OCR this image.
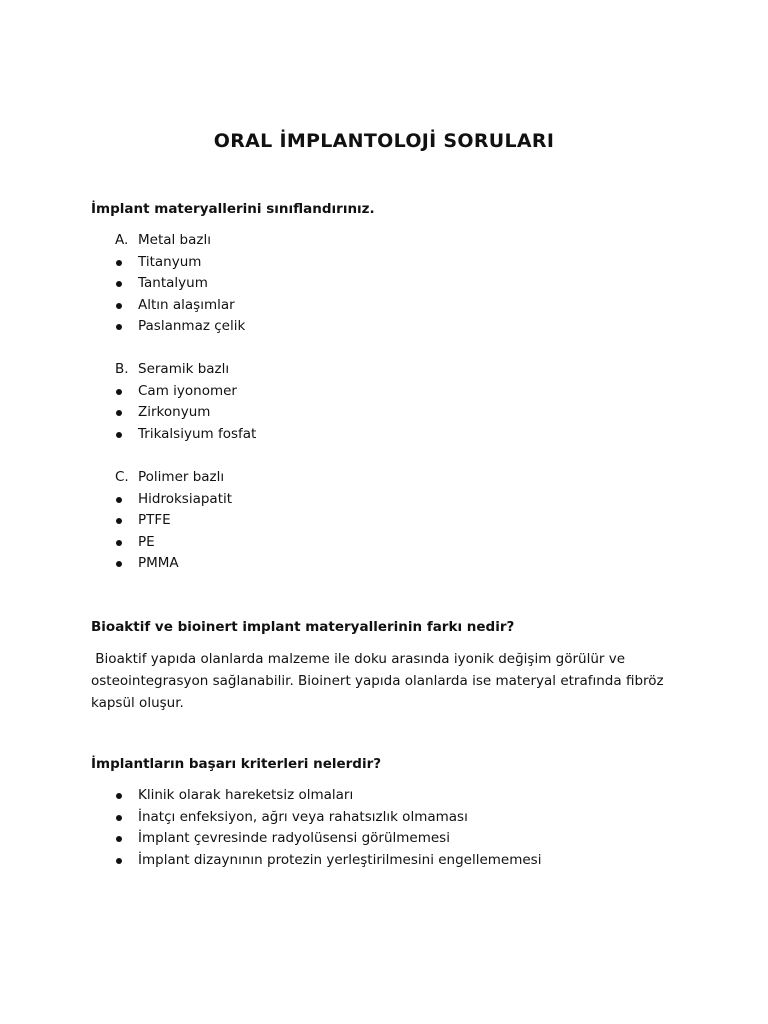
ORAL İMPLANTOLOJİ SORULARI
İmplant materyallerini sınıflandırınız.
A. Metal bazlı
Titanyum
Tantalyum
Altın alaşımlar
Paslanmaz çelik
B. Seramik bazlı
Cam iyonomer
Zirkonyum
Trikalsiyum fosfat
C. Polimer bazlı
Hidroksiapatit
PTFE
PE
PMMA
Bioaktif ve bioinert implant materyallerinin farkı nedir?
Bioaktif yapıda olanlarda malzeme ile doku arasında iyonik değişim görülür ve
osteointegrasyon sağlanabilir. Bioinert yapıda olanlarda ise materyal etrafında fibröz
kapsül oluşur.
İmplantların başarı kriterleri nelerdir?
Klinik olarak hareketsiz olmaları
İnatçı enfeksiyon, ağrı veya rahatsızlık olmaması
İmplant çevresinde radyolüsensi görülmemesi
İmplant dizaynının protezin yerleştirilmesini engellememesi
